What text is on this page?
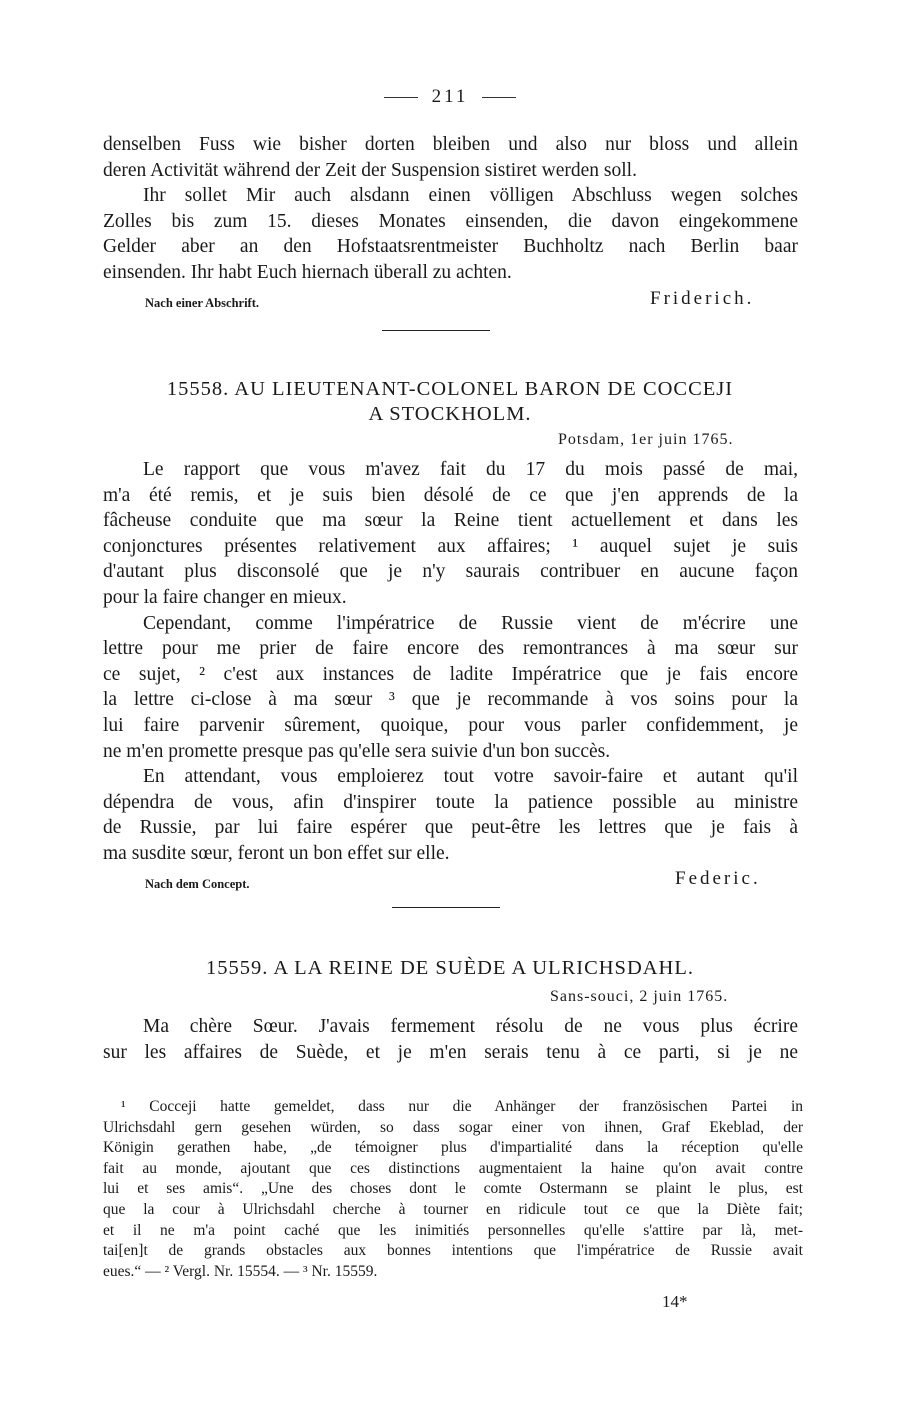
211
denselben Fuss wie bisher dorten bleiben und also nur bloss und allein
deren Activität während der Zeit der Suspension sistiret werden soll.
Ihr sollet Mir auch alsdann einen völligen Abschluss wegen solches
Zolles bis zum 15. dieses Monates einsenden, die davon eingekommene
Gelder aber an den Hofstaatsrentmeister Buchholtz nach Berlin baar
einsenden. Ihr habt Euch hiernach überall zu achten.
Nach einer Abschrift.	Friderich.
15558. AU LIEUTENANT-COLONEL BARON DE COCCEJI
A STOCKHOLM.
Potsdam, 1er juin 1765.
Le rapport que vous m'avez fait du 17 du mois passé de mai,
m'a été remis, et je suis bien désolé de ce que j'en apprends de la
fâcheuse conduite que ma sœur la Reine tient actuellement et dans les
conjonctures présentes relativement aux affaires; ¹ auquel sujet je suis
d'autant plus disconsolé que je n'y saurais contribuer en aucune façon
pour la faire changer en mieux.
Cependant, comme l'impératrice de Russie vient de m'écrire une
lettre pour me prier de faire encore des remontrances à ma sœur sur
ce sujet, ² c'est aux instances de ladite Impératrice que je fais encore
la lettre ci-close à ma sœur ³ que je recommande à vos soins pour la
lui faire parvenir sûrement, quoique, pour vous parler confidemment, je
ne m'en promette presque pas qu'elle sera suivie d'un bon succès.
En attendant, vous emploierez tout votre savoir-faire et autant qu'il
dépendra de vous, afin d'inspirer toute la patience possible au ministre
de Russie, par lui faire espérer que peut-être les lettres que je fais à
ma susdite sœur, feront un bon effet sur elle.
Nach dem Concept.	Federic.
15559. A LA REINE DE SUÈDE A ULRICHSDAHL.
Sans-souci, 2 juin 1765.
Ma chère Sœur. J'avais fermement résolu de ne vous plus écrire
sur les affaires de Suède, et je m'en serais tenu à ce parti, si je ne
¹ Cocceji hatte gemeldet, dass nur die Anhänger der französischen Partei in
Ulrichsdahl gern gesehen würden, so dass sogar einer von ihnen, Graf Ekeblad, der
Königin gerathen habe, „de témoigner plus d'impartialité dans la réception qu'elle
fait au monde, ajoutant que ces distinctions augmentaient la haine qu'on avait contre
lui et ses amis“. „Une des choses dont le comte Ostermann se plaint le plus, est
que la cour à Ulrichsdahl cherche à tourner en ridicule tout ce que la Diète fait;
et il ne m'a point caché que les inimitiés personnelles qu'elle s'attire par là, met-
tai[en]t de grands obstacles aux bonnes intentions que l'impératrice de Russie avait
eues.“ — ² Vergl. Nr. 15554. — ³ Nr. 15559.
14*
